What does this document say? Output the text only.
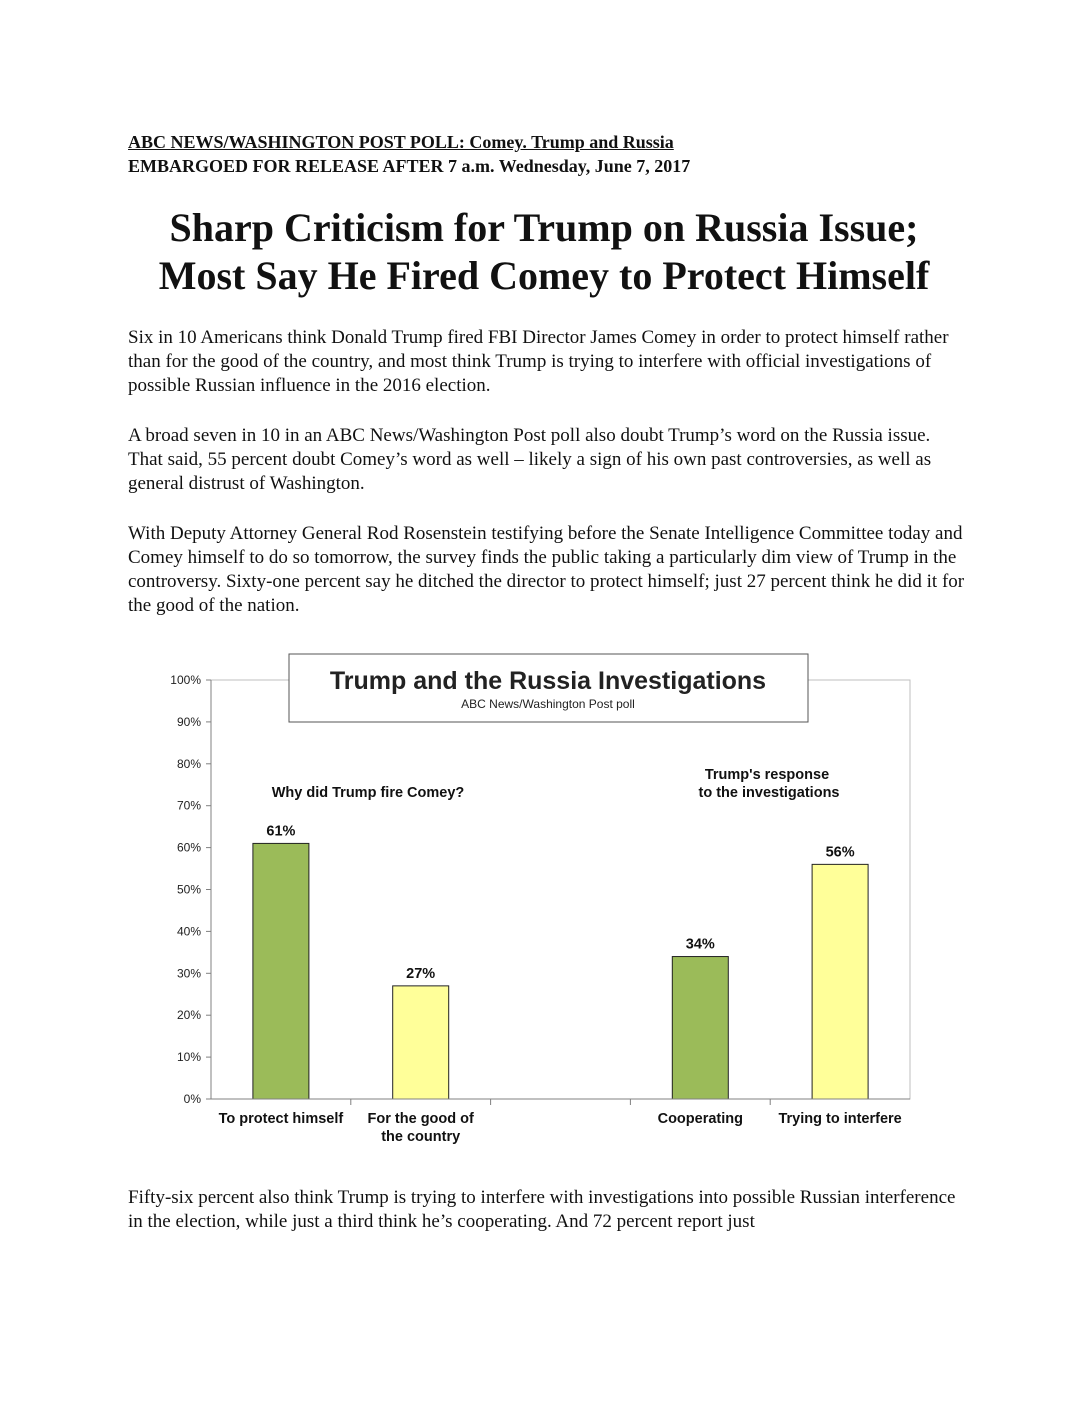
ABC NEWS/WASHINGTON POST POLL: Comey. Trump and Russia
EMBARGOED FOR RELEASE AFTER 7 a.m. Wednesday, June 7, 2017
Sharp Criticism for Trump on Russia Issue;
Most Say He Fired Comey to Protect Himself

Six in 10 Americans think Donald Trump fired FBI Director James Comey in order to protect himself rather than for the good of the country, and most think Trump is trying to interfere with official investigations of possible Russian influence in the 2016 election.

A broad seven in 10 in an ABC News/Washington Post poll also doubt Trump’s word on the Russia issue. That said, 55 percent doubt Comey’s word as well – likely a sign of his own past controversies, as well as general distrust of Washington.

With Deputy Attorney General Rod Rosenstein testifying before the Senate Intelligence Committee today and Comey himself to do so tomorrow, the survey finds the public taking a particularly dim view of Trump in the controversy. Sixty-one percent say he ditched the director to protect himself; just 27 percent think he did it for the good of the nation.

0%
10%
20%
30%
40%
50%
60%
70%
80%
90%
100%
61%
27%
34%
56%
To protect himself For the good of the country
Cooperating Trying to interfere
Trump and the Russia Investigations
ABC News/Washington Post poll
Why did Trump fire Comey?
Trump's response to the investigations

Fifty-six percent also think Trump is trying to interfere with investigations into possible Russian interference in the election, while just a third think he’s cooperating. And 72 percent report just
